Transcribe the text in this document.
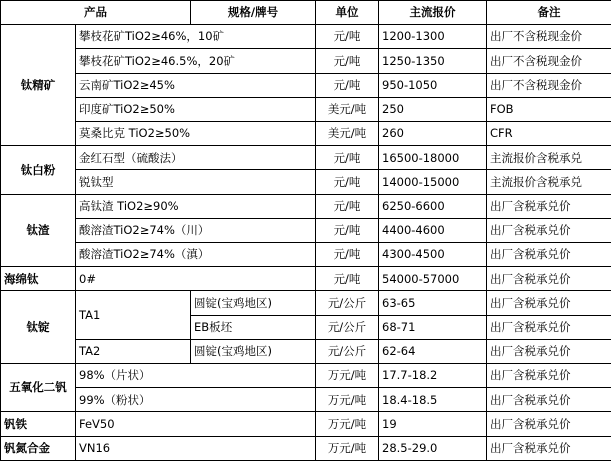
产品		规格/牌号	单位	主流报价	备注
钛精矿	攀枝花矿TiO2≥46%，10矿		元/吨	1200-1300	出厂不含税现金价
	攀枝花矿TiO2≥46.5%，20矿		元/吨	1250-1350	出厂不含税现金价
	云南矿TiO2≥45%		元/吨	950-1050	出厂不含税现金价
	印度矿TiO2≥50%		美元/吨	250	FOB
	莫桑比克 TiO2≥50%		美元/吨	260	CFR
钛白粉	金红石型（硫酸法）		元/吨	16500-18000	主流报价含税承兑
	锐钛型		元/吨	14000-15000	主流报价含税承兑
钛渣	高钛渣 TiO2≥90%		元/吨	6250-6600	出厂含税承兑价
	酸溶渣TiO2≥74%（川）		元/吨	4400-4600	出厂含税承兑价
	酸溶渣TiO2≥74%（滇）		元/吨	4300-4500	出厂含税承兑价
海绵钛	0#		元/吨	54000-57000	出厂含税承兑价
钛锭	TA1	圆锭(宝鸡地区)	元/公斤	63-65	出厂含税承兑价
		EB板坯	元/公斤	68-71	出厂含税承兑价
	TA2	圆锭(宝鸡地区)	元/公斤	62-64	出厂含税承兑价
五氧化二钒	98%（片状）		万元/吨	17.7-18.2	出厂含税承兑价
	99%（粉状）		万元/吨	18.4-18.5	出厂含税承兑价
钒铁	FeV50		万元/吨	19	出厂含税承兑价
钒氮合金	VN16		万元/吨	28.5-29.0	出厂含税承兑价
